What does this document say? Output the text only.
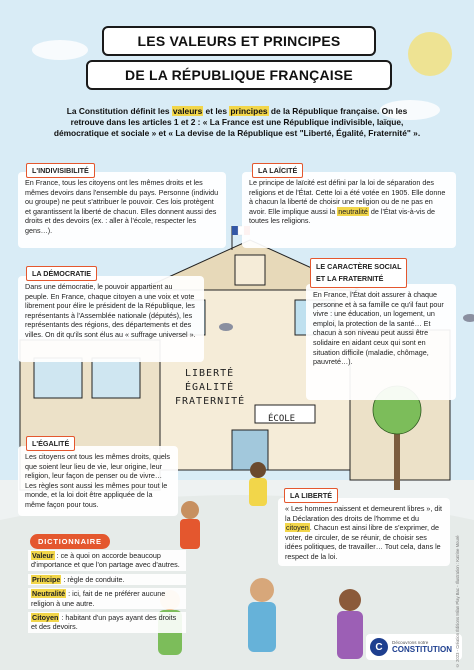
LES VALEURS ET PRINCIPES
DE LA RÉPUBLIQUE FRANÇAISE
La Constitution définit les valeurs et les principes de la République française. On les retrouve dans les articles 1 et 2 : « La France est une République indivisible, laïque, démocratique et sociale » et « La devise de la République est "Liberté, Égalité, Fraternité" ».

En France, tous les citoyens ont les mêmes droits et les mêmes devoirs dans l'ensemble du pays. Personne (individu ou groupe) ne peut s'attribuer le pouvoir. Ces lois protègent et garantissent la liberté de chacun. Elles donnent aussi des droits et des devoirs (ex. : aller à l'école, respecter les gens…).

L'INDIVISIBILITÉ

Le principe de laïcité est défini par la loi de séparation des religions et de l'État. Cette loi a été votée en 1905. Elle donne à chacun la liberté de choisir une religion ou de ne pas en avoir. Elle implique aussi la neutralité de l'État vis-à-vis de toutes les religions.

LA LAÏCITÉ

Dans une démocratie, le pouvoir appartient au peuple. En France, chaque citoyen a une voix et vote librement pour élire le président de la République, les représentants à l'Assemblée nationale (députés), les représentants des régions, des départements et des villes. On dit qu'ils sont élus au « suffrage universel ».

LA DÉMOCRATIE

En France, l'État doit assurer à chaque personne et à sa famille ce qu'il faut pour vivre : une éducation, un logement, un emploi, la protection de la santé… Et chacun à son niveau peut aussi être solidaire en aidant ceux qui sont en situation difficile (maladie, chômage, pauvreté…).

LE CARACTÈRE SOCIAL
ET LA FRATERNITÉ
LIBERTÉ
ÉGALITÉ
FRATERNITÉ
ÉCOLE

Les citoyens ont tous les mêmes droits, quels que soient leur lieu de vie, leur origine, leur religion, leur façon de penser ou de vivre… Les règles sont aussi les mêmes pour tout le monde, et la loi doit être appliquée de la même façon pour tous.

L'ÉGALITÉ

« Les hommes naissent et demeurent libres », dit la Déclaration des droits de l'homme et du citoyen. Chacun est ainsi libre de s'exprimer, de voter, de circuler, de se réunir, de choisir ses idées politiques, de travailler… Tout cela, dans le respect de la loi.

LA LIBERTÉ
DICTIONNAIRE

Valeur : ce à quoi on accorde beaucoup d'importance et que l'on partage avec d'autres.

Principe : règle de conduite.

Neutralité : ici, fait de ne préférer aucune religion à une autre.

Citoyen : habitant d'un pays ayant des droits et des devoirs.

C	Découvrons notre
CONSTITUTION © 2023 - Création Éditions Milan Play Bac - Illustration : Katrine Mouré
